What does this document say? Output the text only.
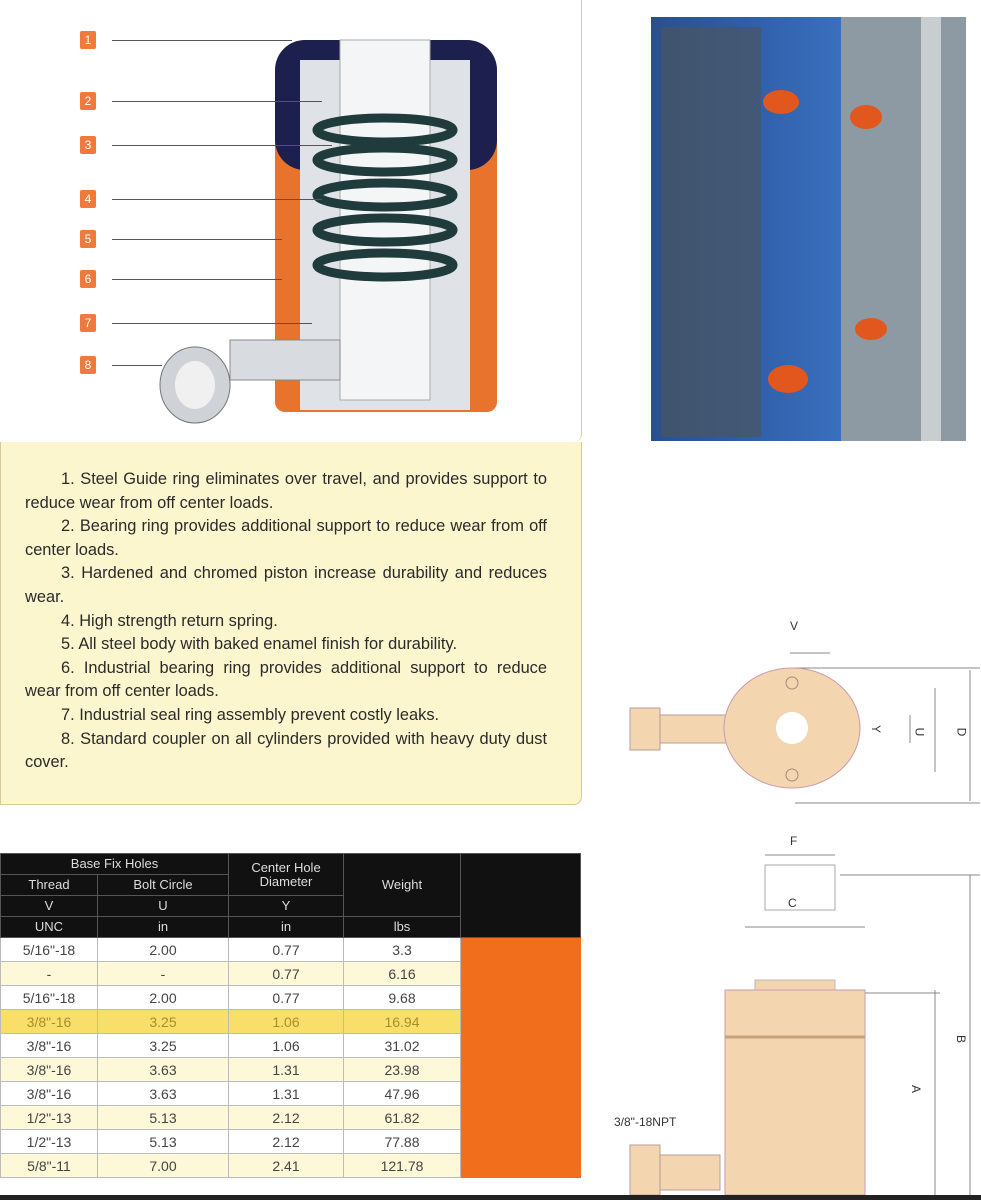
1
2
3
4
5
6
7
8

1. Steel Guide ring eliminates over travel, and provides support to reduce wear from off center loads.

2. Bearing ring provides additional support to reduce wear from off center loads.

3. Hardened and chromed piston increase durability and reduces wear.

4. High strength return spring.

5. All steel body with baked enamel finish for durability.

6. Industrial bearing ring provides additional support to reduce wear from off center loads.

7. Industrial seal ring assembly prevent costly leaks.

8. Standard coupler on all cylinders provided with heavy duty dust cover.

V
Y U D
F
C
B
A
3/8"-18NPT
Base Fix Holes		Center Hole Diameter	Weight	
Thread	Bolt Circle			
V	U	Y		
UNC	in	in	lbs	
5/16"-18	2.00	0.77	3.3	
-	-	0.77	6.16	
5/16"-18	2.00	0.77	9.68	
3/8"-16	3.25	1.06	16.94	
3/8"-16	3.25	1.06	31.02	
3/8"-16	3.63	1.31	23.98	
3/8"-16	3.63	1.31	47.96	
1/2"-13	5.13	2.12	61.82	
1/2"-13	5.13	2.12	77.88	
5/8"-11	7.00	2.41	121.78	
